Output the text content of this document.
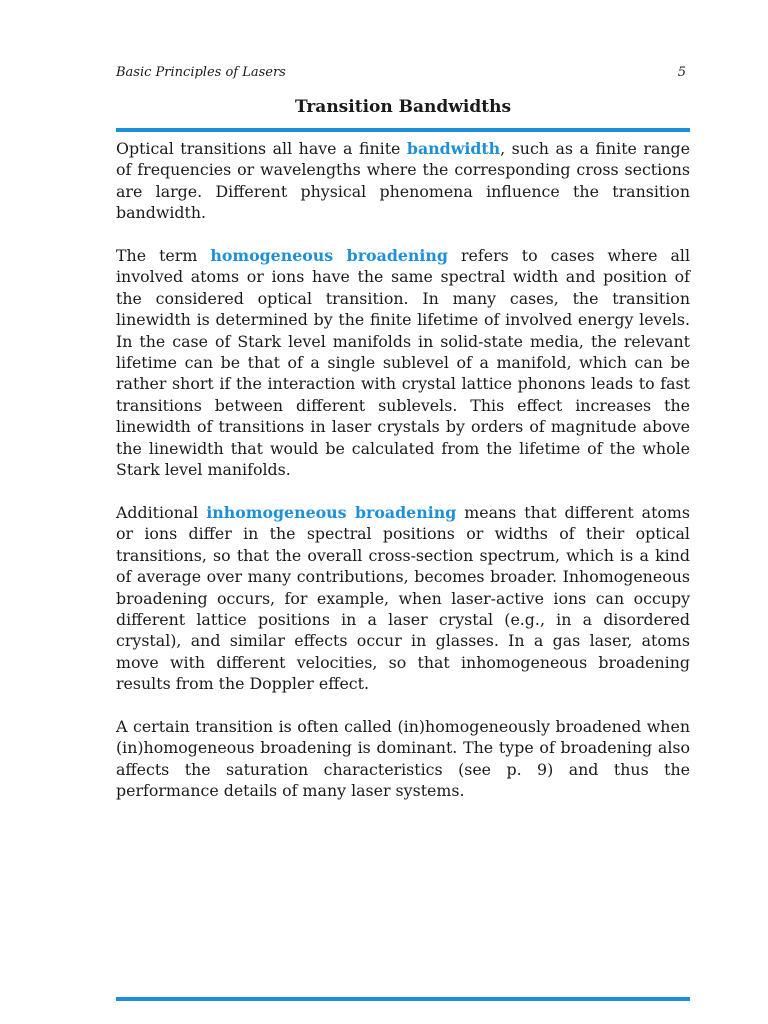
Basic Principles of Lasers	5
Transition Bandwidths

Optical transitions all have a finite bandwidth, such as a finite range of frequencies or wavelengths where the corresponding cross sections are large. Different physical phenomena influence the transition bandwidth.

The term homogeneous broadening refers to cases where all involved atoms or ions have the same spectral width and position of the considered optical transition. In many cases, the transition linewidth is determined by the finite lifetime of involved energy levels. In the case of Stark level manifolds in solid-state media, the relevant lifetime can be that of a single sublevel of a manifold, which can be rather short if the interaction with crystal lattice phonons leads to fast transitions between different sublevels. This effect increases the linewidth of transitions in laser crystals by orders of magnitude above the linewidth that would be calculated from the lifetime of the whole Stark level manifolds.

Additional inhomogeneous broadening means that different atoms or ions differ in the spectral positions or widths of their optical transitions, so that the overall cross-section spectrum, which is a kind of average over many contributions, becomes broader. Inhomogeneous broadening occurs, for example, when laser-active ions can occupy different lattice positions in a laser crystal (e.g., in a disordered crystal), and similar effects occur in glasses. In a gas laser, atoms move with different velocities, so that inhomogeneous broadening results from the Doppler effect.

A certain transition is often called (in)homogeneously broadened when (in)homogeneous broadening is dominant. The type of broadening also affects the saturation characteristics (see p. 9) and thus the performance details of many laser systems.
